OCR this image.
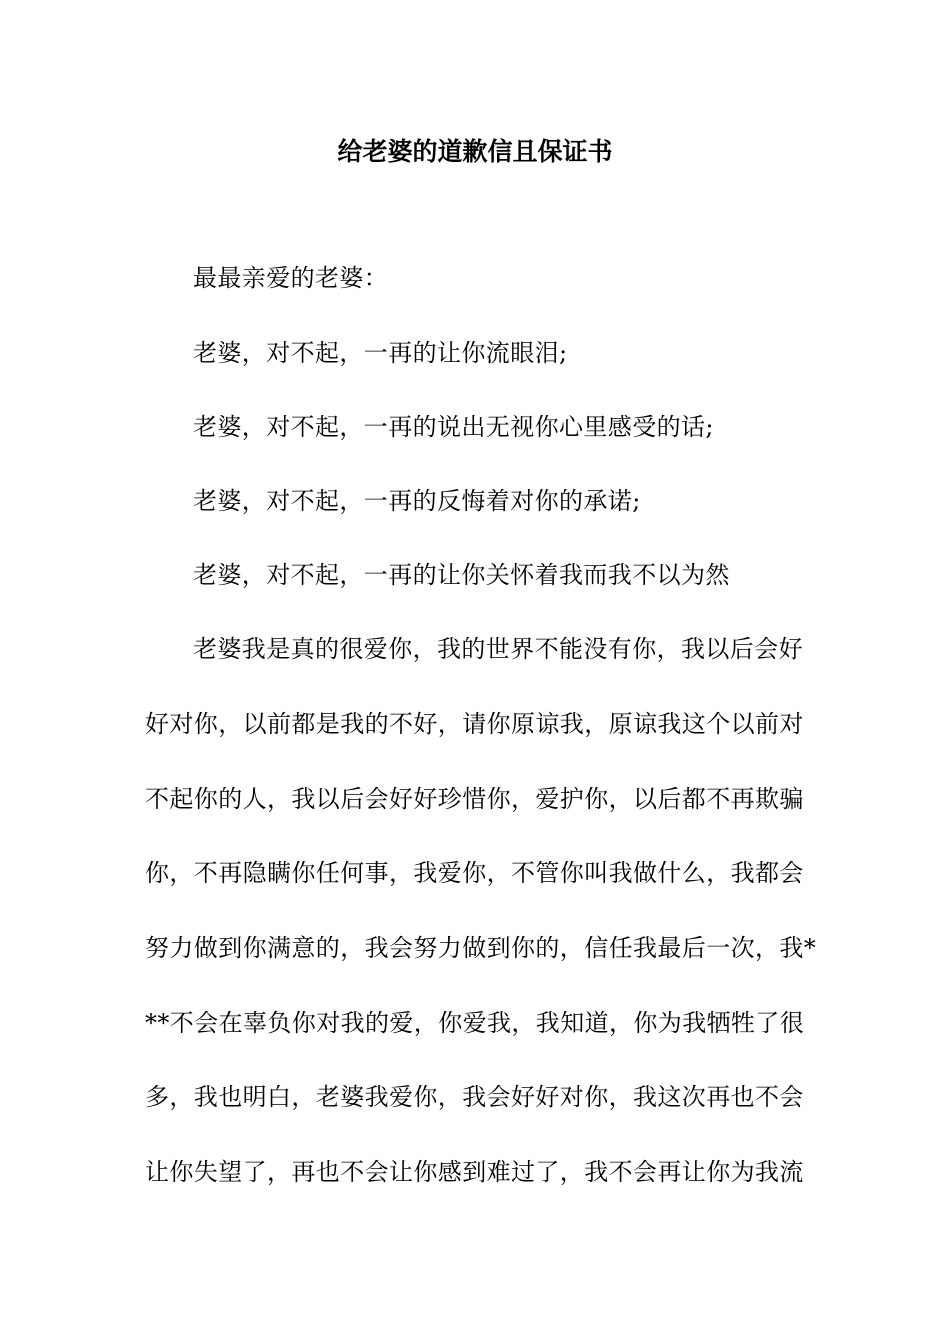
给老婆的道歉信且保证书
最最亲爱的老婆：
老婆，对不起，一再的让你流眼泪;
老婆，对不起，一再的说出无视你心里感受的话;
老婆，对不起，一再的反悔着对你的承诺;
老婆，对不起，一再的让你关怀着我而我不以为然
老婆我是真的很爱你，我的世界不能没有你，我以后会好
好对你，以前都是我的不好，请你原谅我，原谅我这个以前对
不起你的人，我以后会好好珍惜你，爱护你，以后都不再欺骗
你，不再隐瞒你任何事，我爱你，不管你叫我做什么，我都会
努力做到你满意的，我会努力做到你的，信任我最后一次，我*
**不会在辜负你对我的爱，你爱我，我知道，你为我牺牲了很
多，我也明白，老婆我爱你，我会好好对你，我这次再也不会
让你失望了，再也不会让你感到难过了，我不会再让你为我流
